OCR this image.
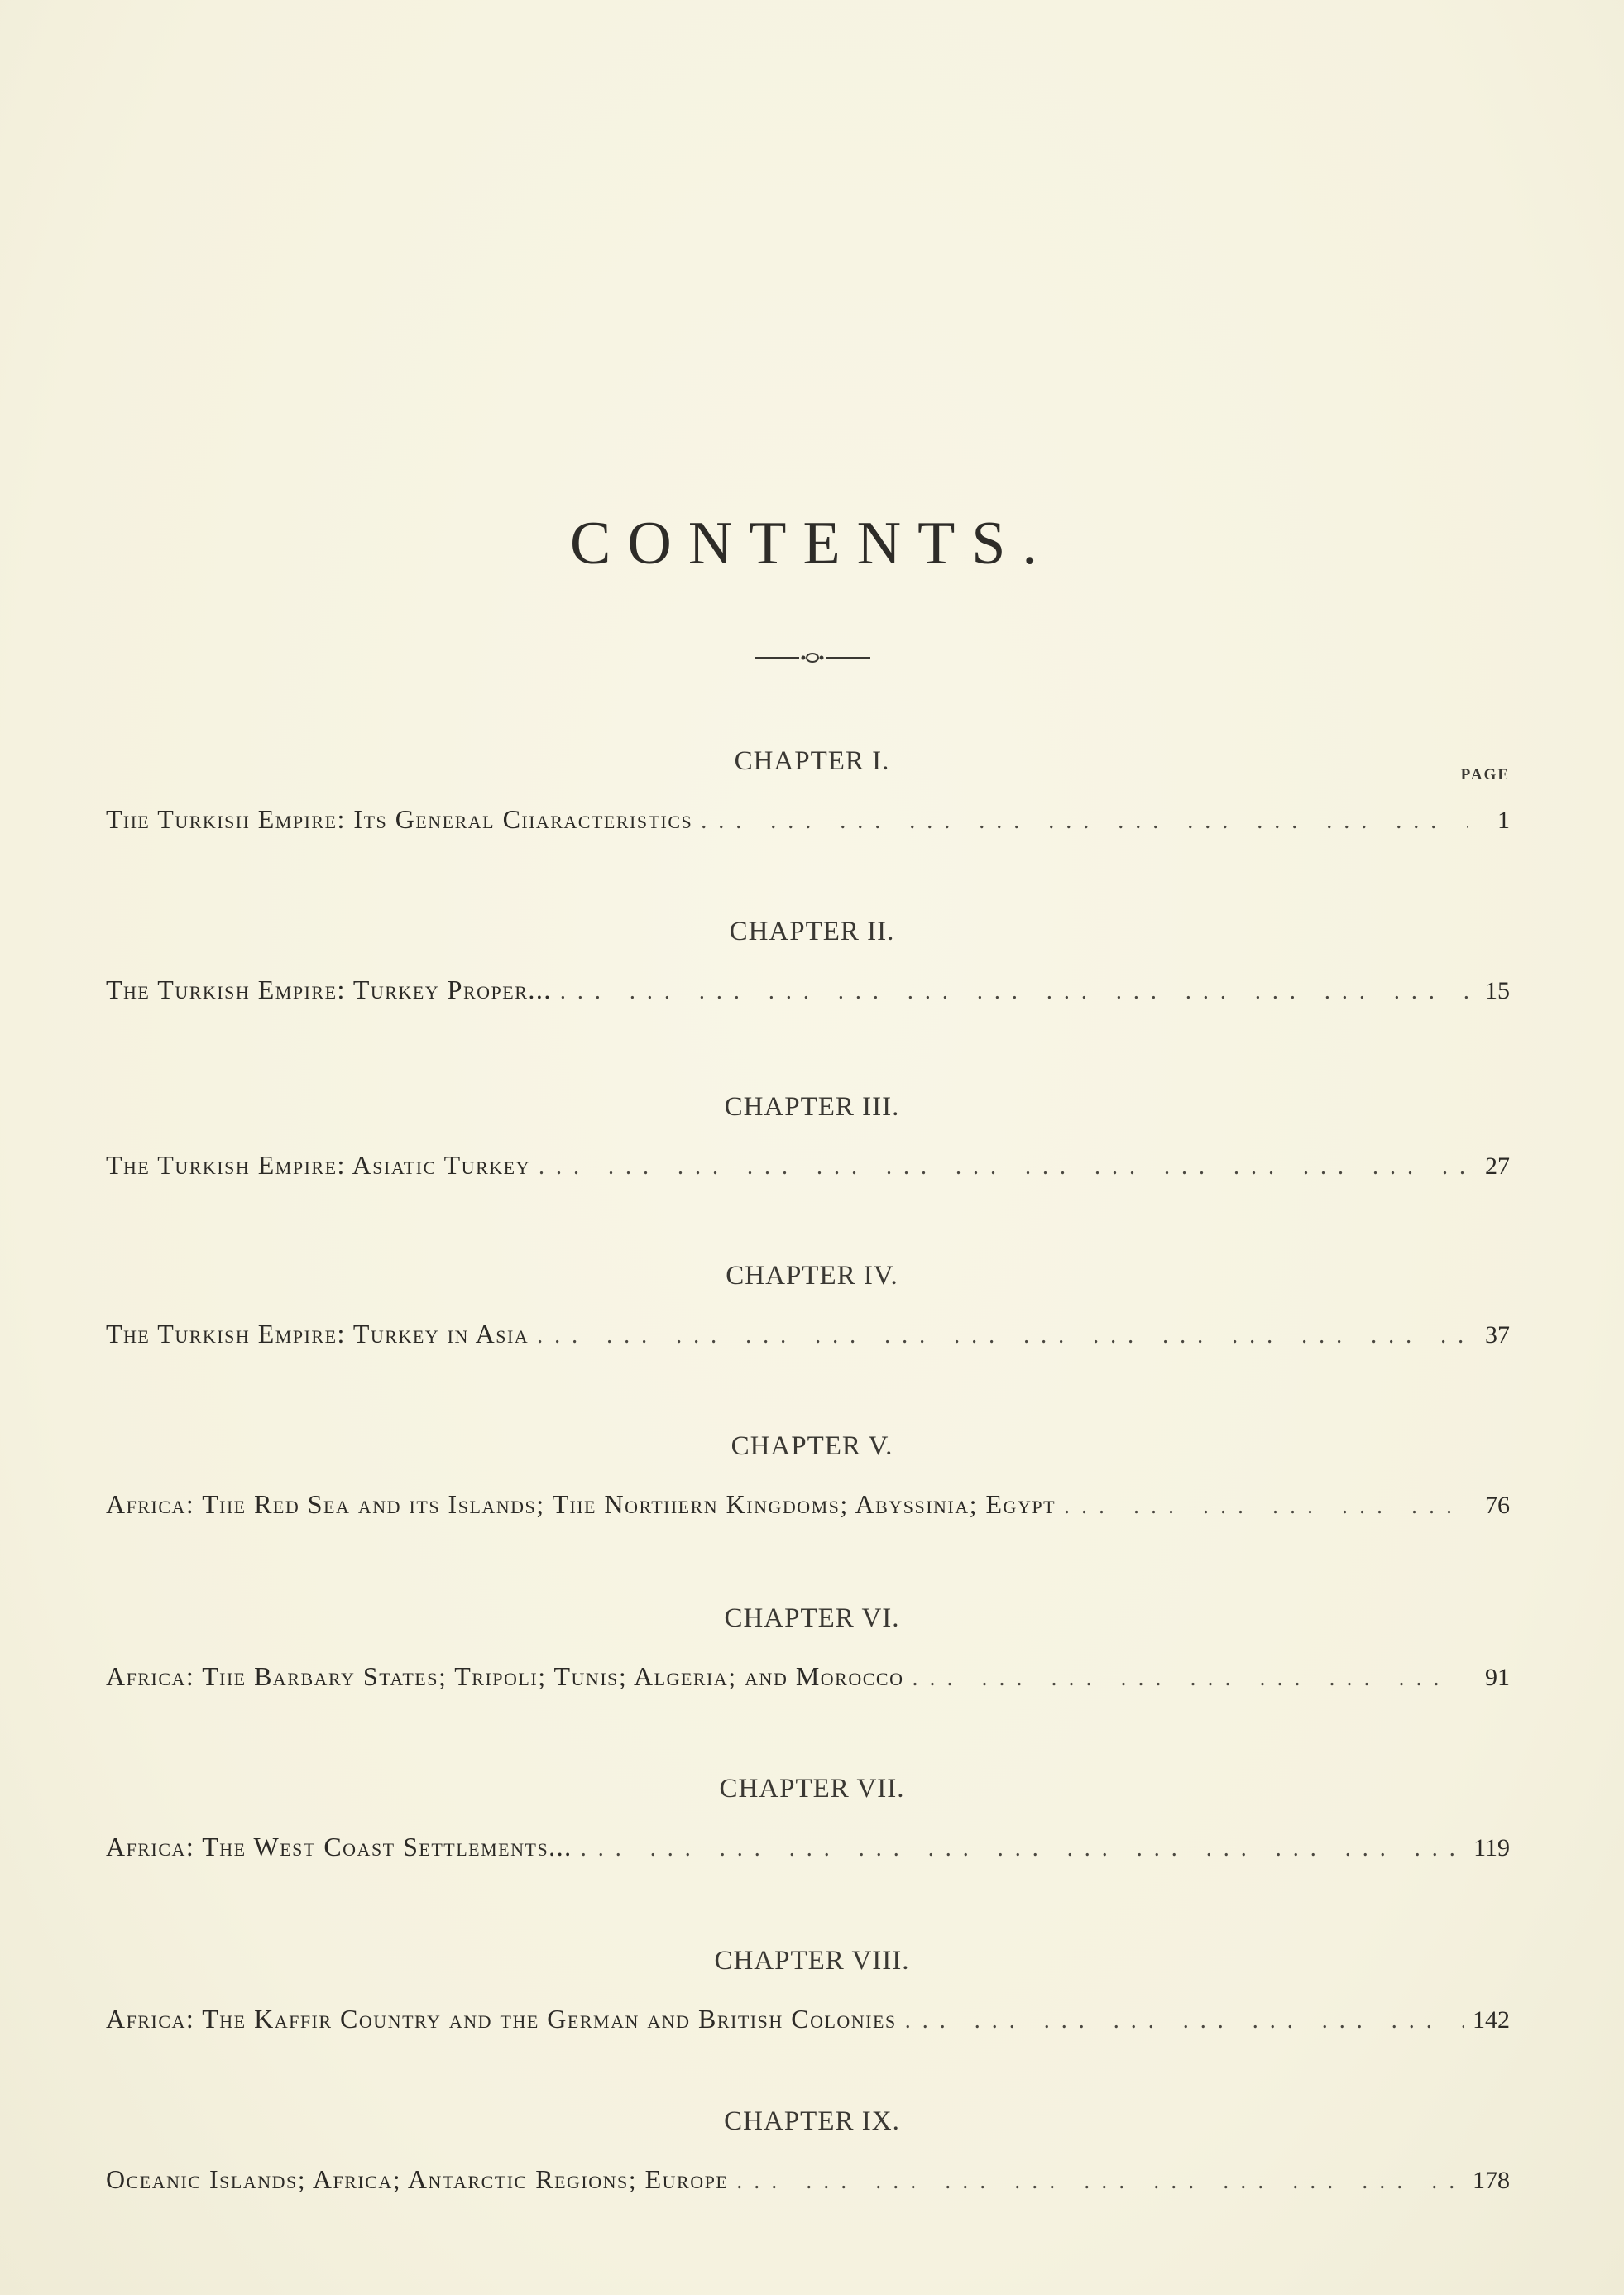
CONTENTS.
PAGE
CHAPTER I.
The Turkish Empire: Its General Characteristics ... .	1
CHAPTER II.
The Turkish Empire: Turkey Proper... ... .	15
CHAPTER III.
The Turkish Empire: Asiatic Turkey ... .	27
CHAPTER IV.
The Turkish Empire: Turkey in Asia ... .	37
CHAPTER V.
Africa: The Red Sea and its Islands; The Northern Kingdoms; Abyssinia; Egypt ... .	76
CHAPTER VI.
Africa: The Barbary States; Tripoli; Tunis; Algeria; and Morocco ... .	91
CHAPTER VII.
Africa: The West Coast Settlements... ... .	119
CHAPTER VIII.
Africa: The Kaffir Country and the German and British Colonies ... .	142
CHAPTER IX.
Oceanic Islands; Africa; Antarctic Regions; Europe ... .	178
